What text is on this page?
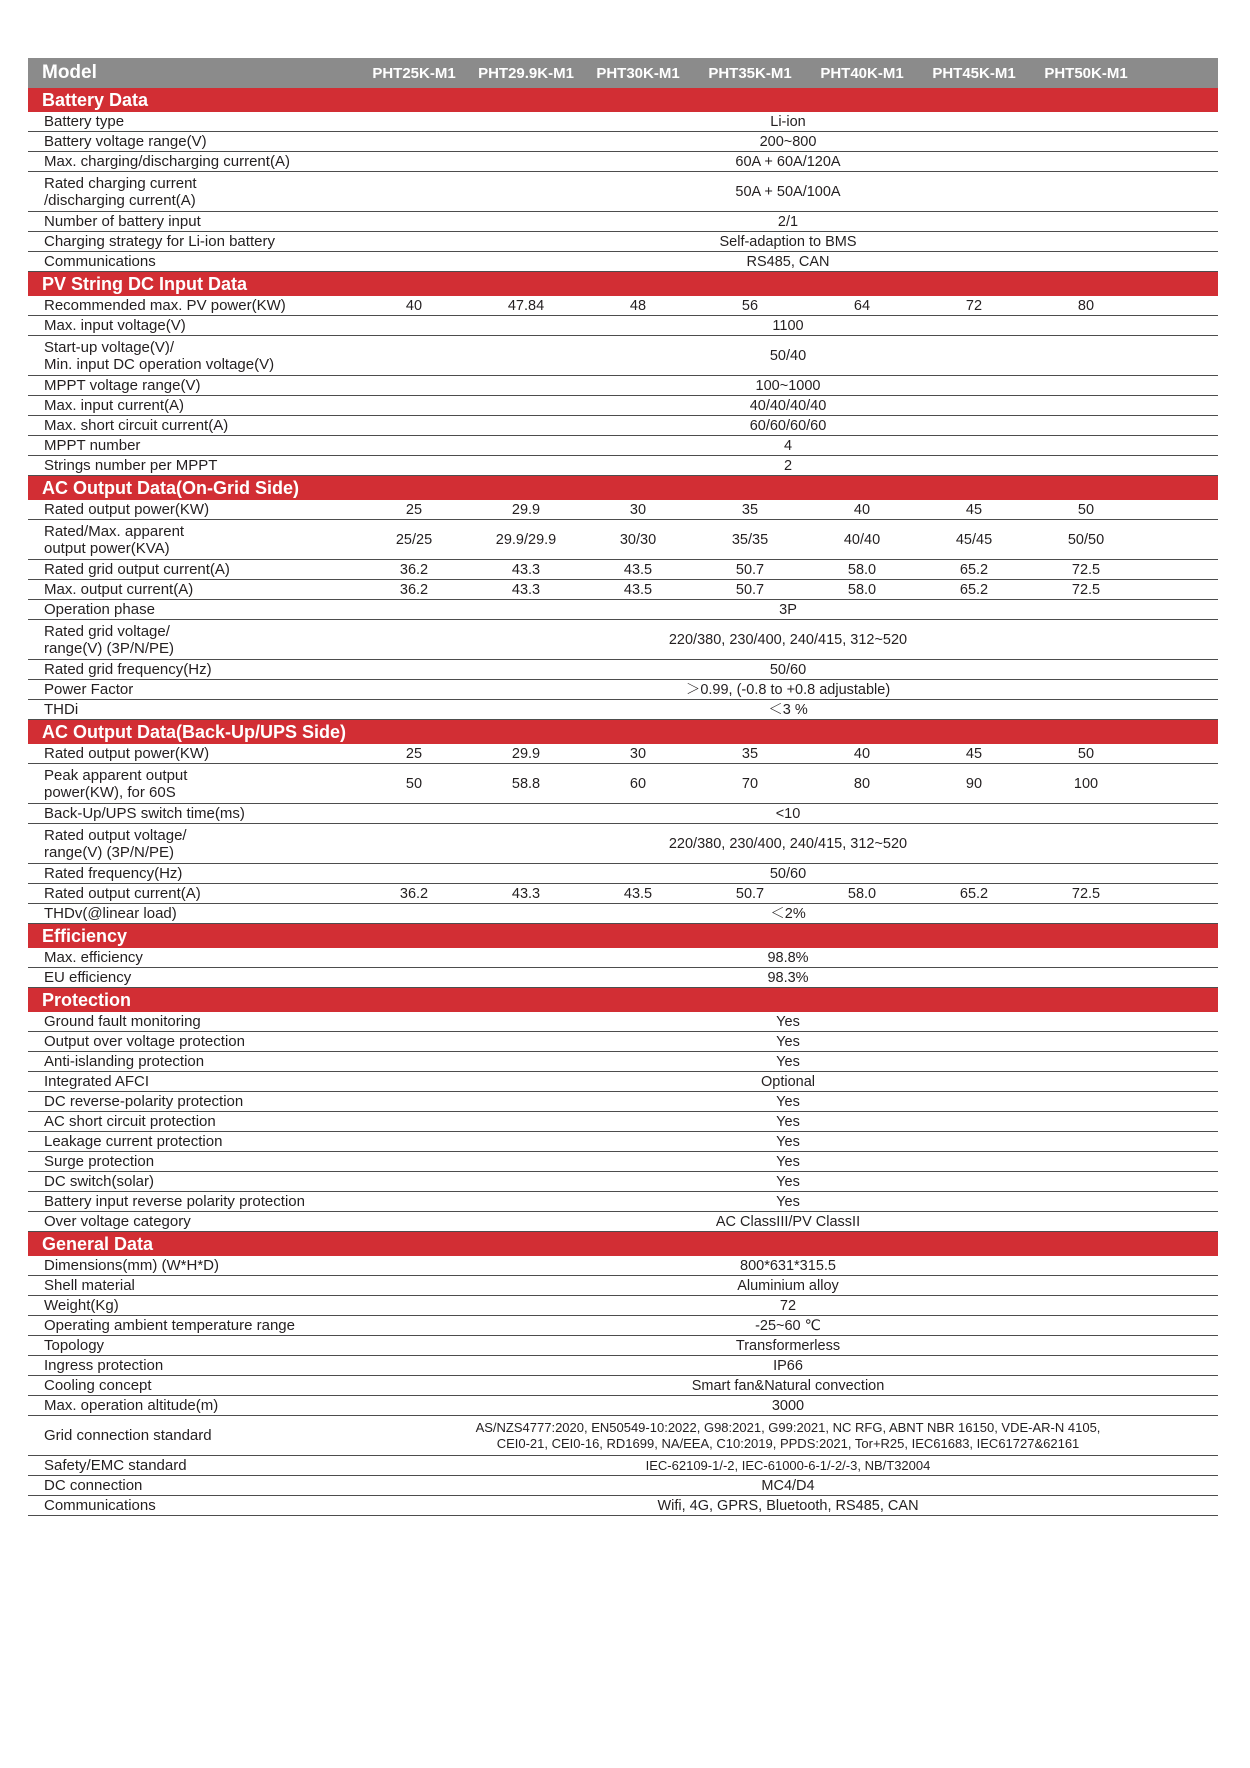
Model	PHT25K-M1	PHT29.9K-M1	PHT30K-M1	PHT35K-M1	PHT40K-M1	PHT45K-M1	PHT50K-M1
Battery Data
Battery type	Li-ion
Battery voltage range(V)	200~800
Max. charging/discharging current(A)	60A + 60A/120A
Rated charging current
/discharging current(A)	50A + 50A/100A
Number of battery input	2/1
Charging strategy for Li-ion battery	Self-adaption to BMS
Communications	RS485, CAN
PV String DC Input Data
Recommended max. PV power(KW)	40	47.84	48	56	64	72	80
Max. input voltage(V)	1100
Start-up voltage(V)/
Min. input DC operation voltage(V)	50/40
MPPT voltage range(V)	100~1000
Max. input current(A)	40/40/40/40
Max. short circuit current(A)	60/60/60/60
MPPT number	4
Strings number per MPPT	2
AC Output Data(On-Grid Side)
Rated output power(KW)	25	29.9	30	35	40	45	50
Rated/Max. apparent
output power(KVA)	25/25	29.9/29.9	30/30	35/35	40/40	45/45	50/50
Rated grid output current(A)	36.2	43.3	43.5	50.7	58.0	65.2	72.5
Max. output current(A)	36.2	43.3	43.5	50.7	58.0	65.2	72.5
Operation phase	3P
Rated grid voltage/
range(V) (3P/N/PE)	220/380, 230/400, 240/415, 312~520
Rated grid frequency(Hz)	50/60
Power Factor	＞0.99, (-0.8 to +0.8 adjustable)
THDi	＜3 %
AC Output Data(Back-Up/UPS Side)
Rated output power(KW)	25	29.9	30	35	40	45	50
Peak apparent output
power(KW), for 60S	50	58.8	60	70	80	90	100
Back-Up/UPS switch time(ms)	<10
Rated output voltage/
range(V) (3P/N/PE)	220/380, 230/400, 240/415, 312~520
Rated frequency(Hz)	50/60
Rated output current(A)	36.2	43.3	43.5	50.7	58.0	65.2	72.5
THDv(@linear load)	＜2%
Efficiency
Max. efficiency	98.8%
EU efficiency	98.3%
Protection
Ground fault monitoring	Yes
Output over voltage protection	Yes
Anti-islanding protection	Yes
Integrated AFCI	Optional
DC reverse-polarity protection	Yes
AC short circuit protection	Yes
Leakage current protection	Yes
Surge protection	Yes
DC switch(solar)	Yes
Battery input reverse polarity protection	Yes
Over voltage category	AC ClassIII/PV ClassII
General Data
Dimensions(mm) (W*H*D)	800*631*315.5
Shell material	Aluminium alloy
Weight(Kg)	72
Operating ambient temperature range	-25~60 ℃
Topology	Transformerless
Ingress protection	IP66
Cooling concept	Smart fan&Natural convection
Max. operation altitude(m)	3000
Grid connection standard	AS/NZS4777:2020, EN50549-10:2022, G98:2021, G99:2021, NC RFG, ABNT NBR 16150, VDE-AR-N 4105,
CEI0-21, CEI0-16, RD1699, NA/EEA, C10:2019, PPDS:2021, Tor+R25, IEC61683, IEC61727&62161
Safety/EMC standard	IEC-62109-1/-2, IEC-61000-6-1/-2/-3, NB/T32004
DC connection	MC4/D4
Communications	Wifi, 4G, GPRS, Bluetooth, RS485, CAN
